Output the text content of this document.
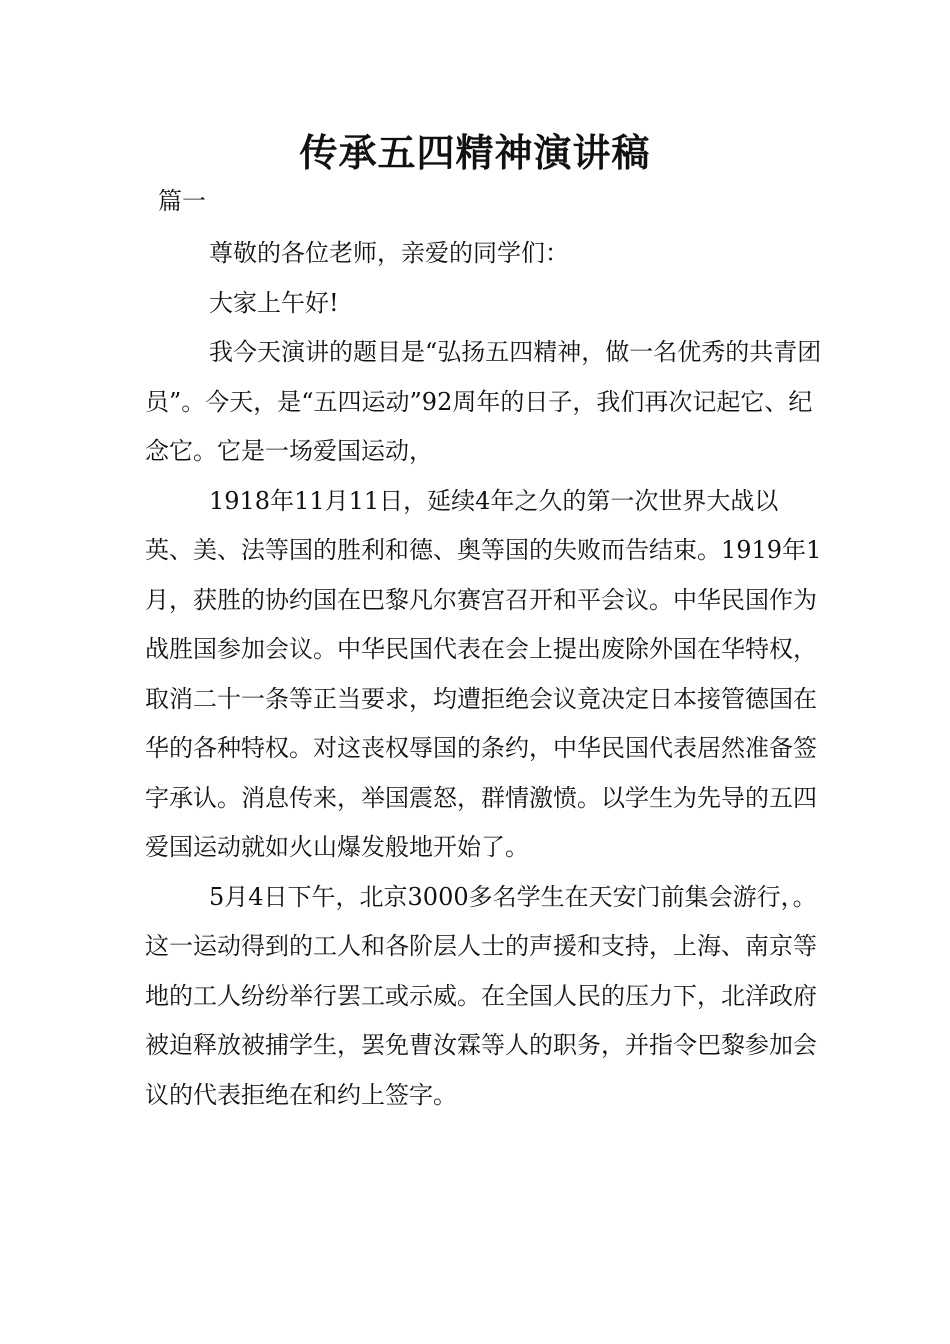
传承五四精神演讲稿
篇一

尊敬的各位老师，亲爱的同学们：

大家上午好!

我今天演讲的题目是“弘扬五四精神，做一名优秀的共青团员”。今天，是“五四运动”92周年的日子，我们再次记起它、纪念它。它是一场爱国运动，

1918年11月11日，延续4年之久的第一次世界大战以英、美、法等国的胜利和德、奥等国的失败而告结束。1919年1月，获胜的协约国在巴黎凡尔赛宫召开和平会议。中华民国作为战胜国参加会议。中华民国代表在会上提出废除外国在华特权，取消二十一条等正当要求，均遭拒绝会议竟决定日本接管德国在华的各种特权。对这丧权辱国的条约，中华民国代表居然准备签字承认。消息传来，举国震怒，群情激愤。以学生为先导的五四爱国运动就如火山爆发般地开始了。

5月4日下午，北京3000多名学生在天安门前集会游行，。这一运动得到的工人和各阶层人士的声援和支持，上海、南京等地的工人纷纷举行罢工或示威。在全国人民的压力下，北洋政府被迫释放被捕学生，罢免曹汝霖等人的职务，并指令巴黎参加会议的代表拒绝在和约上签字。
